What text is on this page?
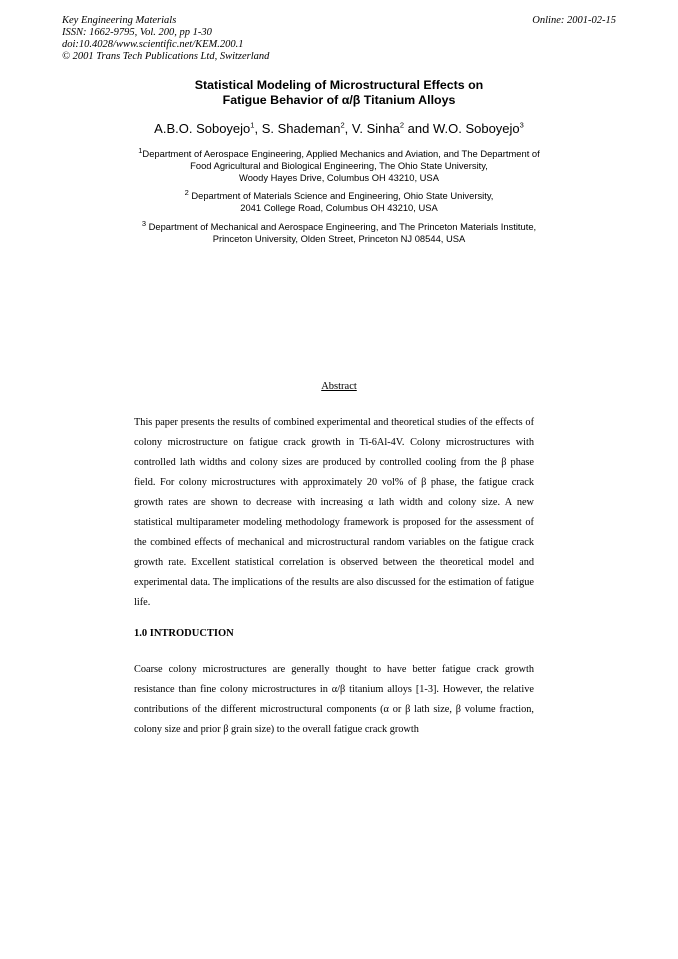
Key Engineering Materials
ISSN: 1662-9795, Vol. 200, pp 1-30
doi:10.4028/www.scientific.net/KEM.200.1
© 2001 Trans Tech Publications Ltd, Switzerland
Online: 2001-02-15
Statistical Modeling of Microstructural Effects on
Fatigue Behavior of α/β Titanium Alloys
A.B.O. Soboyejo$^1$, S. Shademan$^2$, V. Sinha$^2$ and W.O. Soboyejo$^3$
$^1$Department of Aerospace Engineering, Applied Mechanics and Aviation, and The Department of
Food Agricultural and Biological Engineering, The Ohio State University,
Woody Hayes Drive, Columbus OH 43210, USA
$^2$ Department of Materials Science and Engineering, Ohio State University,
2041 College Road, Columbus OH 43210, USA
$^3$ Department of Mechanical and Aerospace Engineering, and The Princeton Materials Institute,
Princeton University, Olden Street, Princeton NJ 08544, USA
Abstract
This paper presents the results of combined experimental and theoretical studies of the effects of colony microstructure on fatigue crack growth in Ti-6Al-4V. Colony microstructures with controlled lath widths and colony sizes are produced by controlled cooling from the β phase field. For colony microstructures with approximately 20 vol% of β phase, the fatigue crack growth rates are shown to decrease with increasing α lath width and colony size. A new statistical multiparameter modeling methodology framework is proposed for the assessment of the combined effects of mechanical and microstructural random variables on the fatigue crack growth rate. Excellent statistical correlation is observed between the theoretical model and experimental data. The implications of the results are also discussed for the estimation of fatigue life.
1.0 INTRODUCTION
Coarse colony microstructures are generally thought to have better fatigue crack growth resistance than fine colony microstructures in α/β titanium alloys [1-3]. However, the relative contributions of the different microstructural components (α or β lath size, β volume fraction, colony size and prior β grain size) to the overall fatigue crack growth
